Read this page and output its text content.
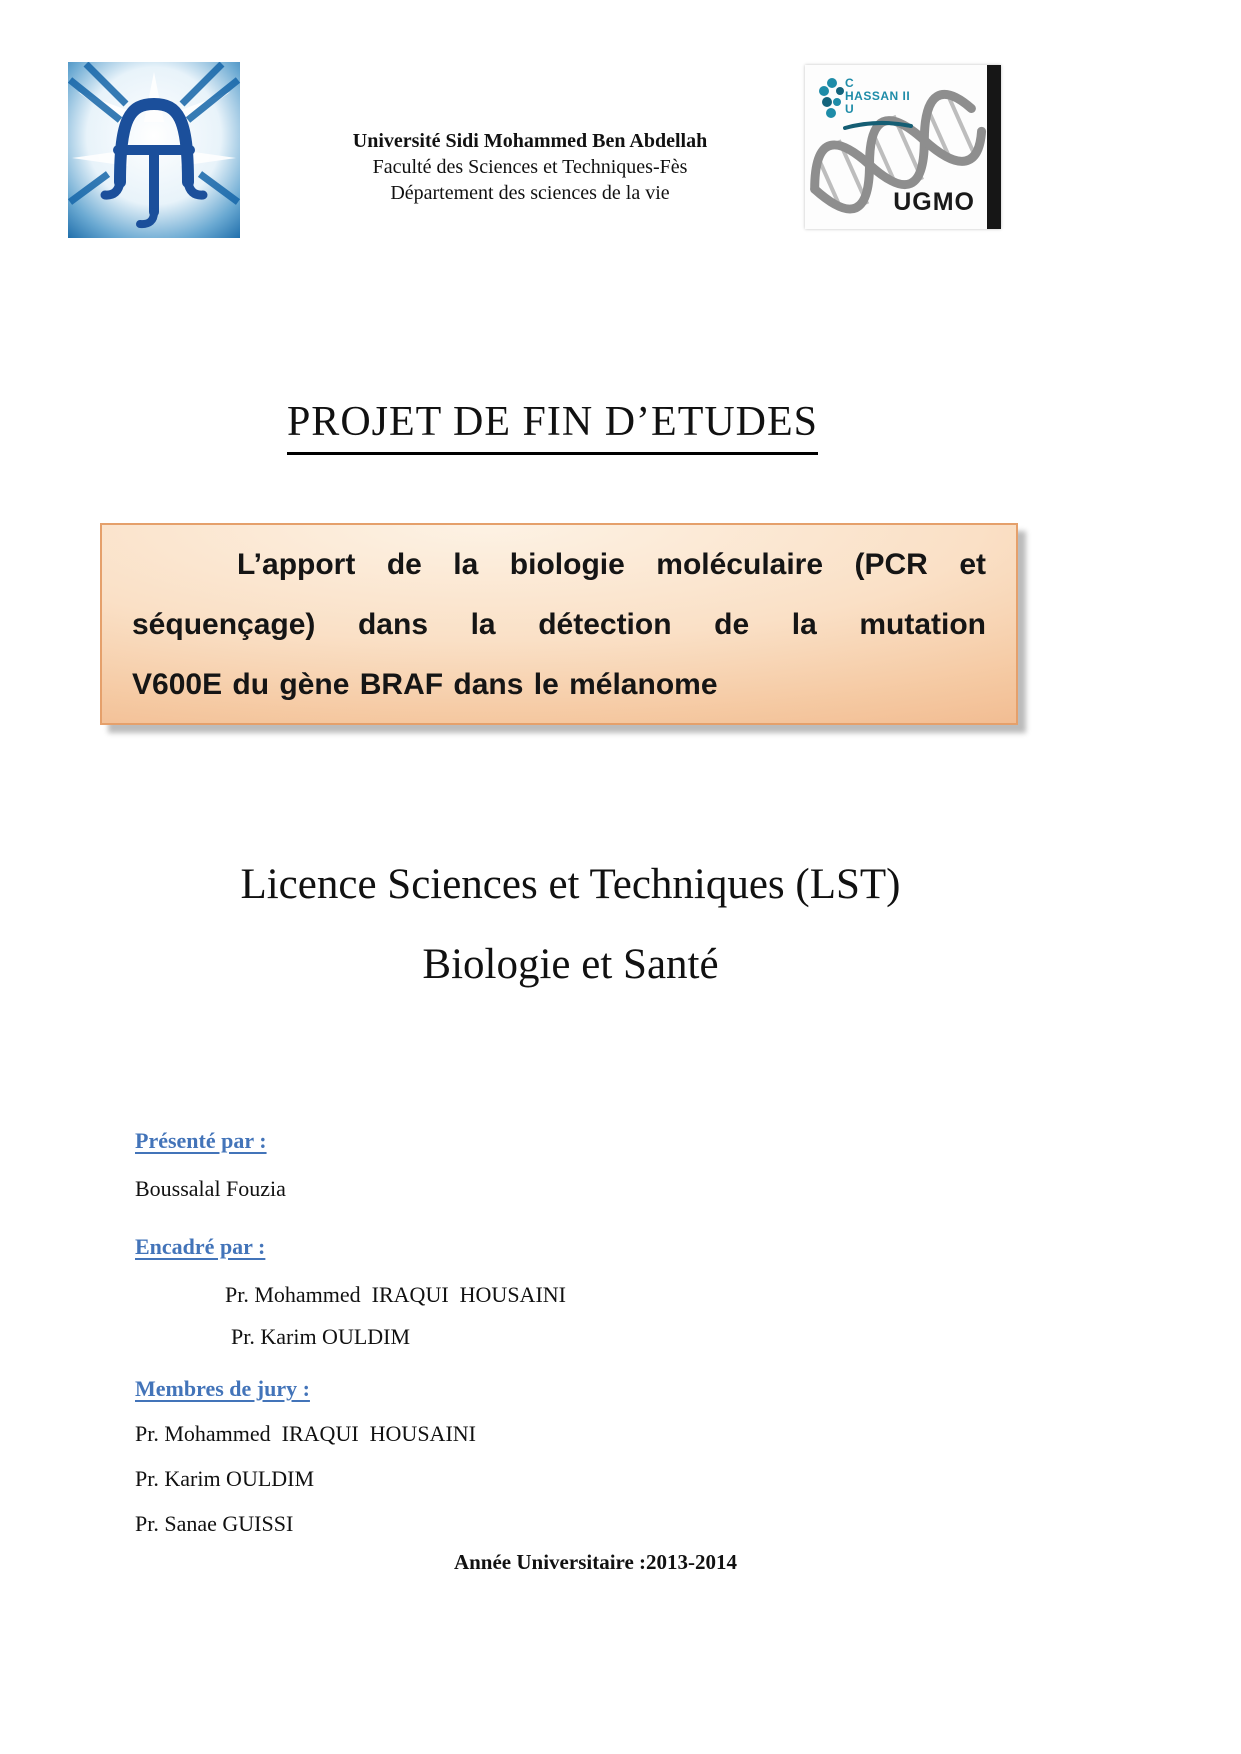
Université Sidi Mohammed Ben Abdellah
Faculté des Sciences et Techniques-Fès
Département des sciences de la vie
C
HASSAN II
U
UGMO
PROJET DE FIN D’ETUDES
L’apport de la biologie moléculaire (PCR et
séquençage) dans la détection de la mutation
V600E du gène BRAF dans le mélanome
Licence Sciences et Techniques (LST)
Biologie et Santé
Présenté par :
Boussalal Fouzia
Encadré par :
Pr. Mohammed  IRAQUI  HOUSAINI
Pr. Karim OULDIM
Membres de jury :
Pr. Mohammed  IRAQUI  HOUSAINI
Pr. Karim OULDIM
Pr. Sanae GUISSI
Année Universitaire :2013-2014
